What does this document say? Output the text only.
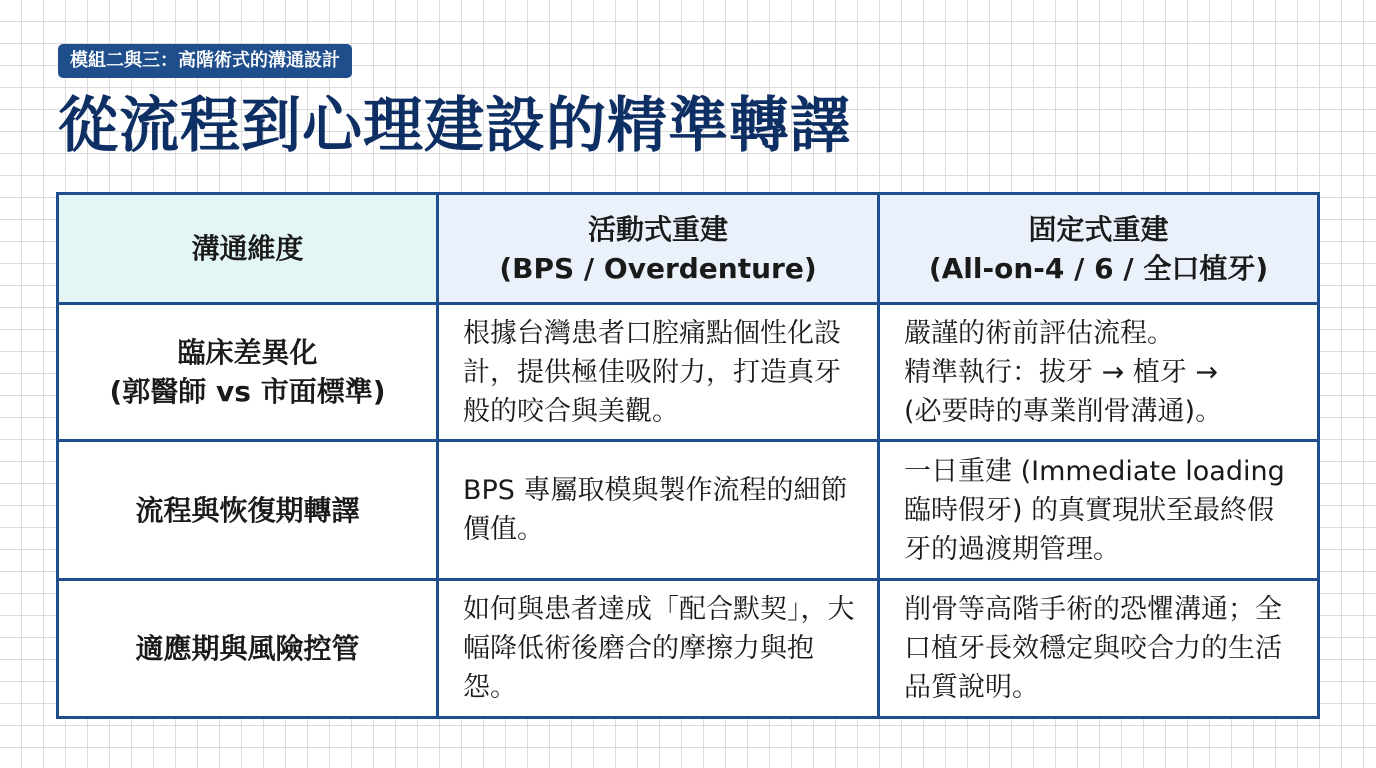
模組二與三：高階術式的溝通設計
從流程到心理建設的精準轉譯
溝通維度
活動式重建
(BPS / Overdenture)
固定式重建
(All-on-4 / 6 / 全口植牙)
臨床差異化
(郭醫師 vs 市面標準)
根據台灣患者口腔痛點個性化設計，提供極佳吸附力，打造真牙般的咬合與美觀。
嚴謹的術前評估流程。
精準執行：拔牙 → 植牙 →
(必要時的專業削骨溝通)。
流程與恢復期轉譯
BPS 專屬取模與製作流程的細節價值。
一日重建 (Immediate loading 臨時假牙) 的真實現狀至最終假牙的過渡期管理。
適應期與風險控管
如何與患者達成「配合默契」，大幅降低術後磨合的摩擦力與抱怨。
削骨等高階手術的恐懼溝通；全口植牙長效穩定與咬合力的生活品質說明。
